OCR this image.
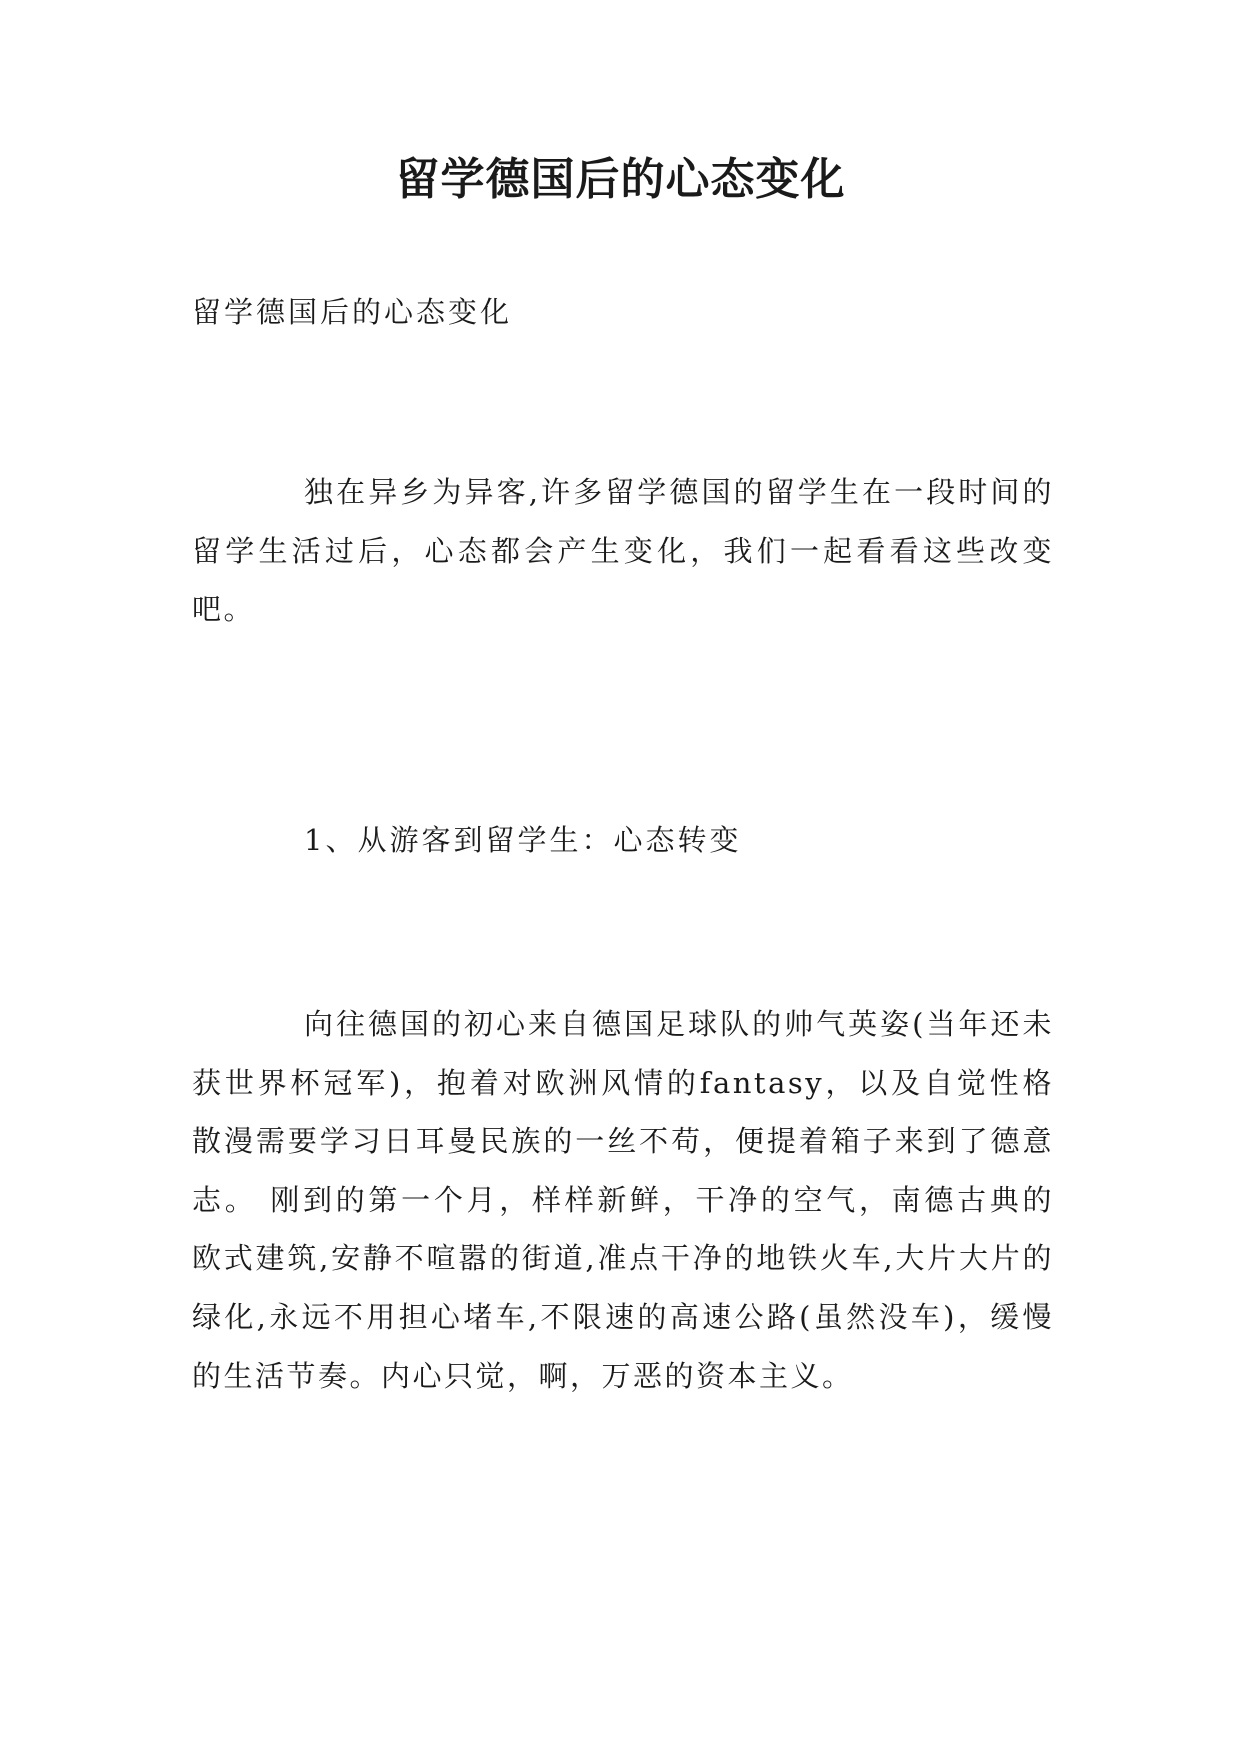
留学德国后的心态变化
留学德国后的心态变化

独在异乡为异客,许多留学德国的留学生在一段时间的留学生活过后，心态都会产生变化，我们一起看看这些改变吧。

1、从游客到留学生：心态转变

向往德国的初心来自德国足球队的帅气英姿(当年还未获世界杯冠军)，抱着对欧洲风情的fantasy，以及自觉性格散漫需要学习日耳曼民族的一丝不苟，便提着箱子来到了德意志。 刚到的第一个月，样样新鲜，干净的空气，南德古典的欧式建筑,安静不喧嚣的街道,准点干净的地铁火车,大片大片的绿化,永远不用担心堵车,不限速的高速公路(虽然没车)，缓慢的生活节奏。内心只觉，啊，万恶的资本主义。
